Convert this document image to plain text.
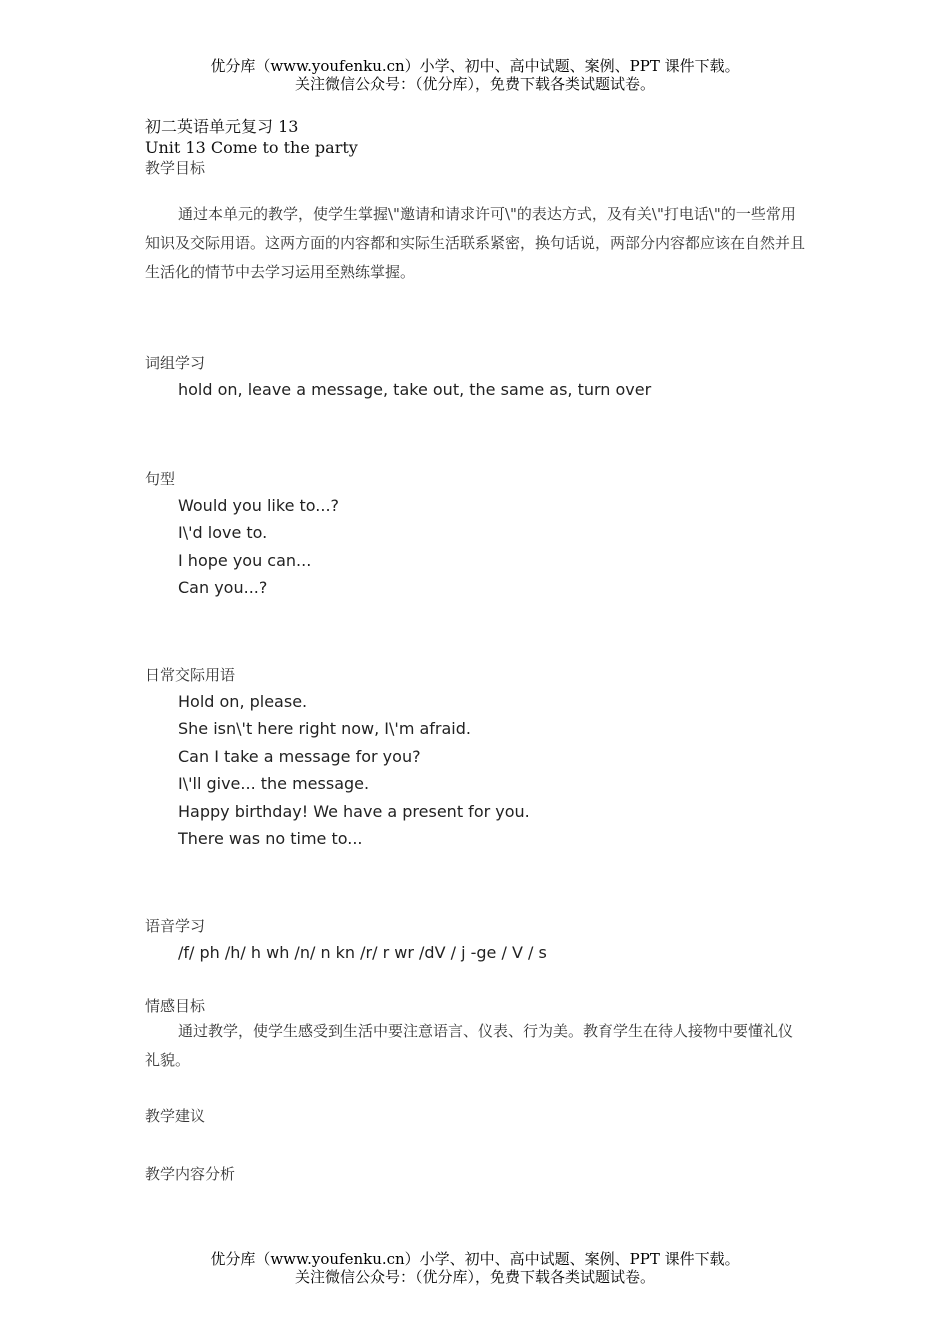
优分库（www.youfenku.cn）小学、初中、高中试题、案例、PPT 课件下载。
关注微信公众号：（优分库），免费下载各类试题试卷。
初二英语单元复习 13
Unit 13 Come to the party
教学目标

通过本单元的教学，使学生掌握\"邀请和请求许可\"的表达方式，及有关\"打电话\"的一些常用知识及交际用语。这两方面的内容都和实际生活联系紧密，换句话说，两部分内容都应该在自然并且生活化的情节中去学习运用至熟练掌握。

词组学习
hold on, leave a message, take out, the same as, turn over
句型
Would you like to...?
I\'d love to.
I hope you can...
Can you...?
日常交际用语
Hold on, please.
She isn\'t here right now, I\'m afraid.
Can I take a message for you?
I\'ll give... the message.
Happy birthday! We have a present for you.
There was no time to...
语音学习
/f/ ph /h/ h wh /n/ n kn /r/ r wr /dV / j -ge / V / s
情感目标

通过教学，使学生感受到生活中要注意语言、仪表、行为美。教育学生在待人接物中要懂礼仪礼貌。

教学建议
教学内容分析
优分库（www.youfenku.cn）小学、初中、高中试题、案例、PPT 课件下载。
关注微信公众号：（优分库），免费下载各类试题试卷。
